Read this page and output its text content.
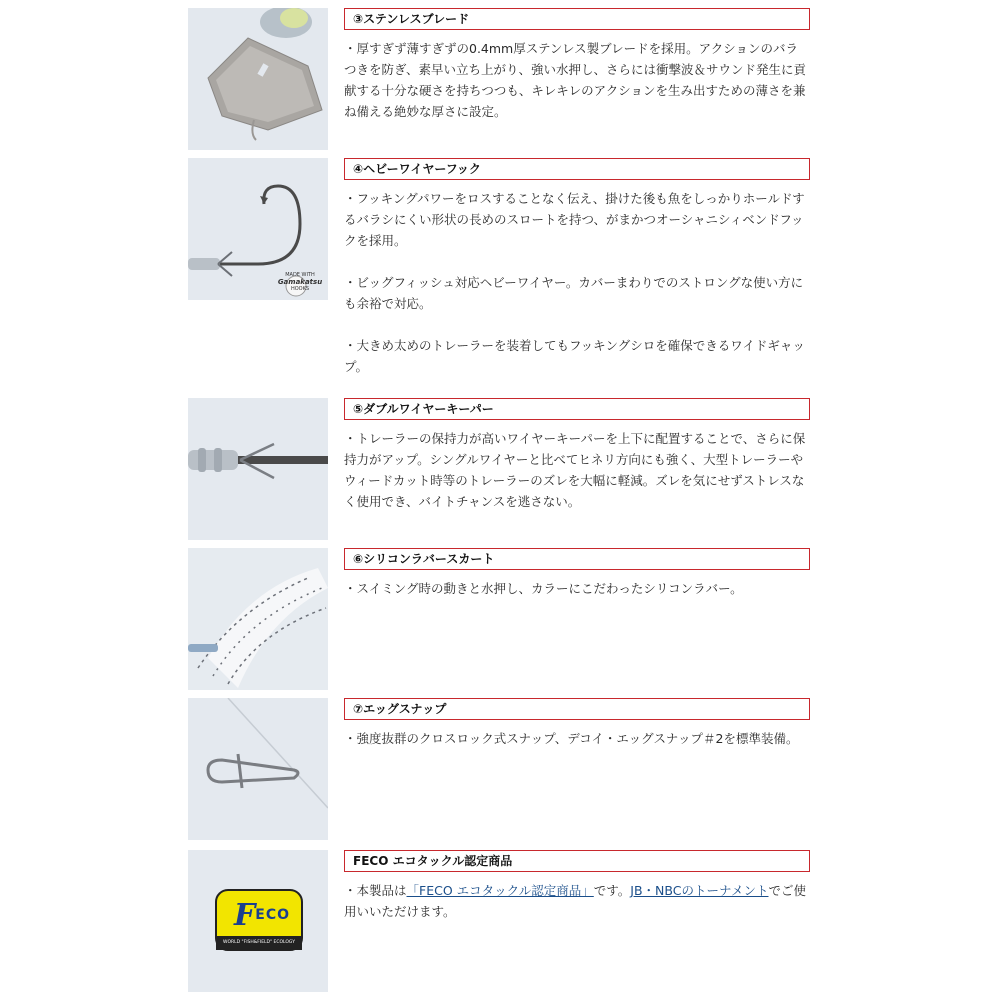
③ステンレスブレード

・厚すぎず薄すぎずの0.4mm厚ステンレス製ブレードを採用。アクションのバラつきを防ぎ、素早い立ち上がり、強い水押し、さらには衝撃波＆サウンド発生に貢献する十分な硬さを持ちつつも、キレキレのアクションを生み出すための薄さを兼ね備える絶妙な厚さに設定。

MADE WITH
Gamakatsu
HOOKS
④ヘビーワイヤーフック

・フッキングパワーをロスすることなく伝え、掛けた後も魚をしっかりホールドするバラシにくい形状の長めのスロートを持つ、がまかつオーシャニシィベンドフックを採用。

・ビッグフィッシュ対応ヘビーワイヤー。カバーまわりでのストロングな使い方にも余裕で対応。

・大きめ太めのトレーラーを装着してもフッキングシロを確保できるワイドギャップ。

⑤ダブルワイヤーキーパー

・トレーラーの保持力が高いワイヤーキーパーを上下に配置することで、さらに保持力がアップ。シングルワイヤーと比べてヒネリ方向にも強く、大型トレーラーやウィードカット時等のトレーラーのズレを大幅に軽減。ズレを気にせずストレスなく使用でき、バイトチャンスを逃さない。

⑥シリコンラバースカート

・スイミング時の動きと水押し、カラーにこだわったシリコンラバー。

⑦エッグスナップ

・強度抜群のクロスロック式スナップ、デコイ・エッグスナップ＃2を標準装備。

F ECO
WORLD "FISH&FIELD" ECOLOGY
FECO エコタックル認定商品

・本製品は「FECO エコタックル認定商品」です。JB・NBCのトーナメントでご使用いいただけます。
